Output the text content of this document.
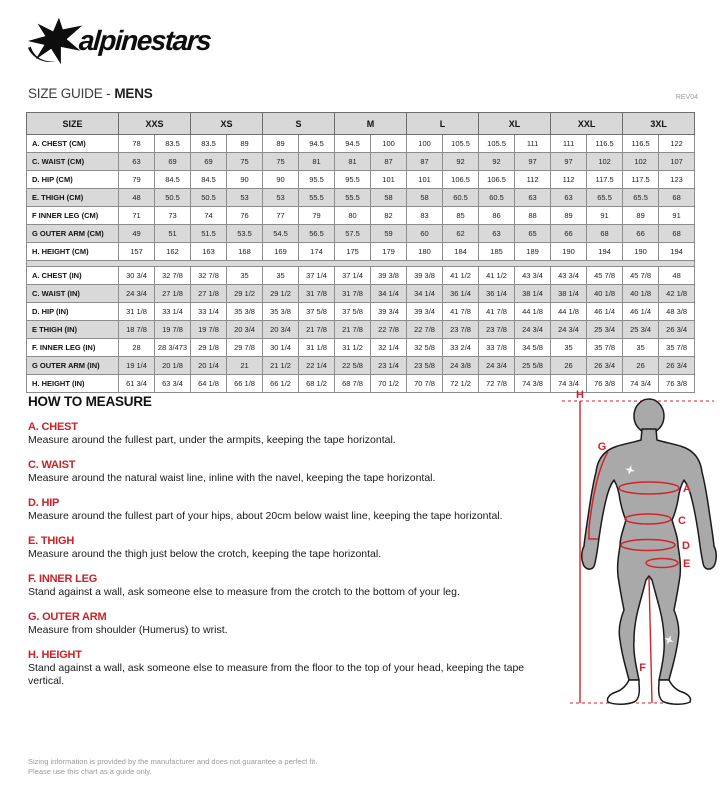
alpinestars
SIZE GUIDE - MENS	REV04
SIZE	XXS		XS		S		M		L		XL		XXL		3XL	
A. CHEST (CM)	78	83.5	83.5	89	89	94.5	94.5	100	100	105.5	105.5	111	111	116.5	116.5	122
C. WAIST (CM)	63	69	69	75	75	81	81	87	87	92	92	97	97	102	102	107
D. HIP (CM)	79	84.5	84.5	90	90	95.5	95.5	101	101	106.5	106.5	112	112	117.5	117.5	123
E. THIGH (CM)	48	50.5	50.5	53	53	55.5	55.5	58	58	60.5	60.5	63	63	65.5	65.5	68
F INNER LEG (CM)	71	73	74	76	77	79	80	82	83	85	86	88	89	91	89	91
G OUTER ARM (CM)	49	51	51.5	53.5	54.5	56.5	57.5	59	60	62	63	65	66	68	66	68
H. HEIGHT (CM)	157	162	163	168	169	174	175	179	180	184	185	189	190	194	190	194

A. CHEST (IN)	30 3/4	32 7/8	32 7/8	35	35	37 1/4	37 1/4	39 3/8	39 3/8	41 1/2	41 1/2	43 3/4	43 3/4	45 7/8	45 7/8	48
C. WAIST (IN)	24 3/4	27 1/8	27 1/8	29 1/2	29 1/2	31 7/8	31 7/8	34 1/4	34 1/4	36 1/4	36 1/4	38 1/4	38 1/4	40 1/8	40 1/8	42 1/8
D. HIP (IN)	31 1/8	33 1/4	33 1/4	35 3/8	35 3/8	37 5/8	37 5/8	39 3/4	39 3/4	41 7/8	41 7/8	44 1/8	44 1/8	46 1/4	46 1/4	48 3/8
E THIGH (IN)	18 7/8	19 7/8	19 7/8	20 3/4	20 3/4	21 7/8	21 7/8	22 7/8	22 7/8	23 7/8	23 7/8	24 3/4	24 3/4	25 3/4	25 3/4	26 3/4
F. INNER LEG (IN)	28	28 3/473	29 1/8	29 7/8	30 1/4	31 1/8	31 1/2	32 1/4	32 5/8	33 2/4	33 7/8	34 5/8	35	35 7/8	35	35 7/8
G OUTER ARM (IN)	19 1/4	20 1/8	20 1/4	21	21 1/2	22 1/4	22 5/8	23 1/4	23 5/8	24 3/8	24 3/4	25 5/8	26	26 3/4	26	26 3/4
H. HEIGHT (IN)	61 3/4	63 3/4	64 1/8	66 1/8	66 1/2	68 1/2	68 7/8	70 1/2	70 7/8	72 1/2	72 7/8	74 3/8	74 3/4	76 3/8	74 3/4	76 3/8
HOW TO MEASURE
A. CHEST

Measure around the fullest part, under the armpits, keeping the tape horizontal.

C. WAIST

Measure around the natural waist line, inline with the navel, keeping the tape horizontal.

D. HIP

Measure around the fullest part of your hips, about 20cm below waist line, keeping the tape horizontal.

E. THIGH

Measure around the thigh just below the crotch, keeping the tape horizontal.

F. INNER LEG

Stand against a wall, ask someone else to measure from the crotch to the bottom of your leg.

G. OUTER ARM

Measure from shoulder (Humerus) to wrist.

H. HEIGHT

Stand against a wall, ask someone else to measure from the floor to the top of your head, keeping the tape vertical.

H
G
A
C
D
E
F
Sizing information is provided by the manufacturer and does not guarantee a perfect fit.
Please use this chart as a guide only.
